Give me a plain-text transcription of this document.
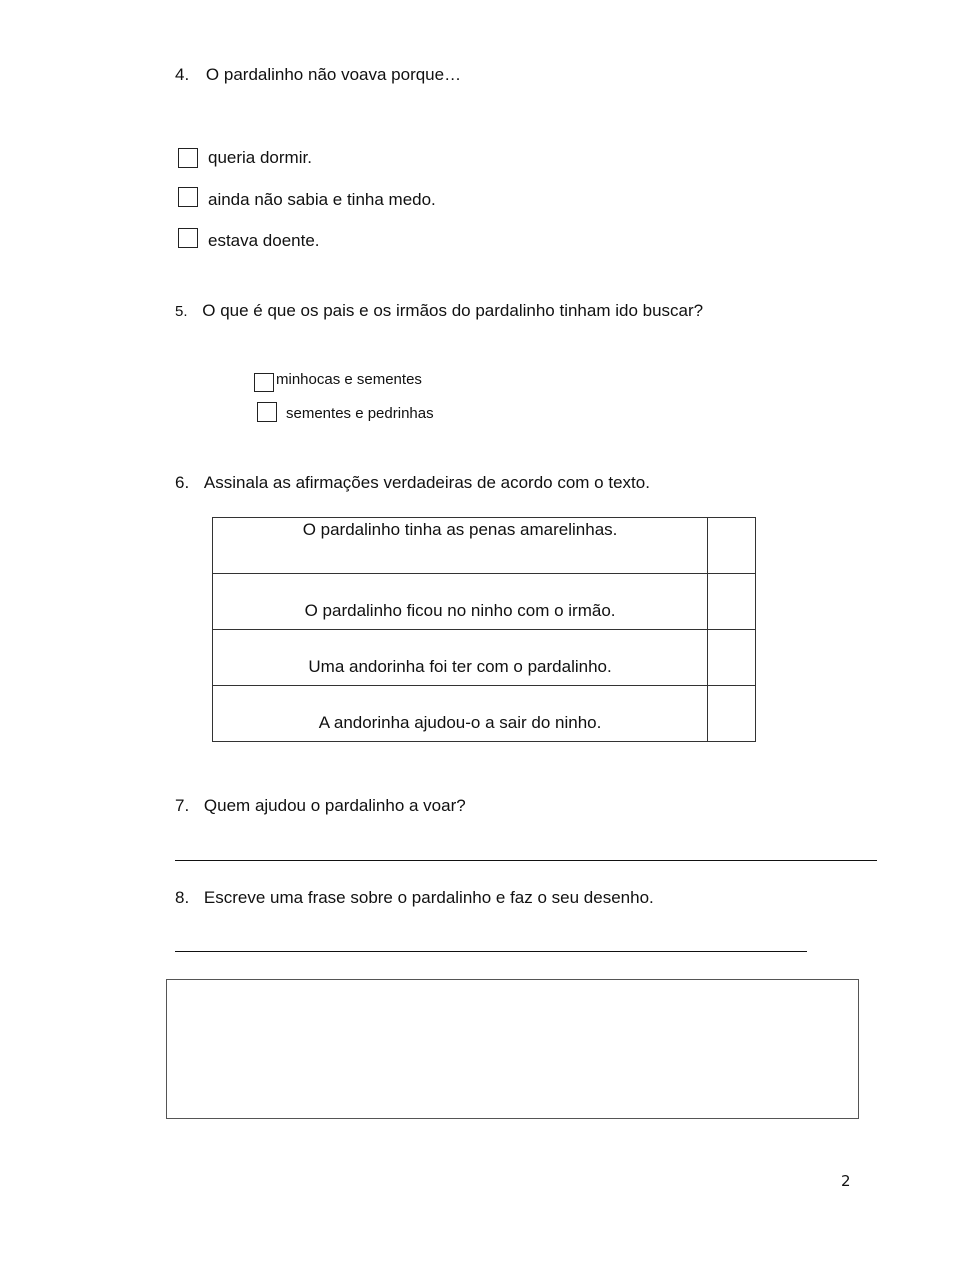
4. O pardalinho não voava porque…
queria dormir.
ainda não sabia e tinha medo.
estava doente.
5. O que é que os pais e os irmãos do pardalinho tinham ido buscar?
minhocas e sementes
sementes e pedrinhas
6. Assinala as afirmações verdadeiras de acordo com o texto.
O pardalinho tinha as penas amarelinhas.	
O pardalinho ficou no ninho com o irmão.	
Uma andorinha foi ter com o pardalinho.	
A andorinha ajudou-o a sair do ninho.	
7. Quem ajudou o pardalinho a voar?
8. Escreve uma frase sobre o pardalinho e faz o seu desenho.
2
